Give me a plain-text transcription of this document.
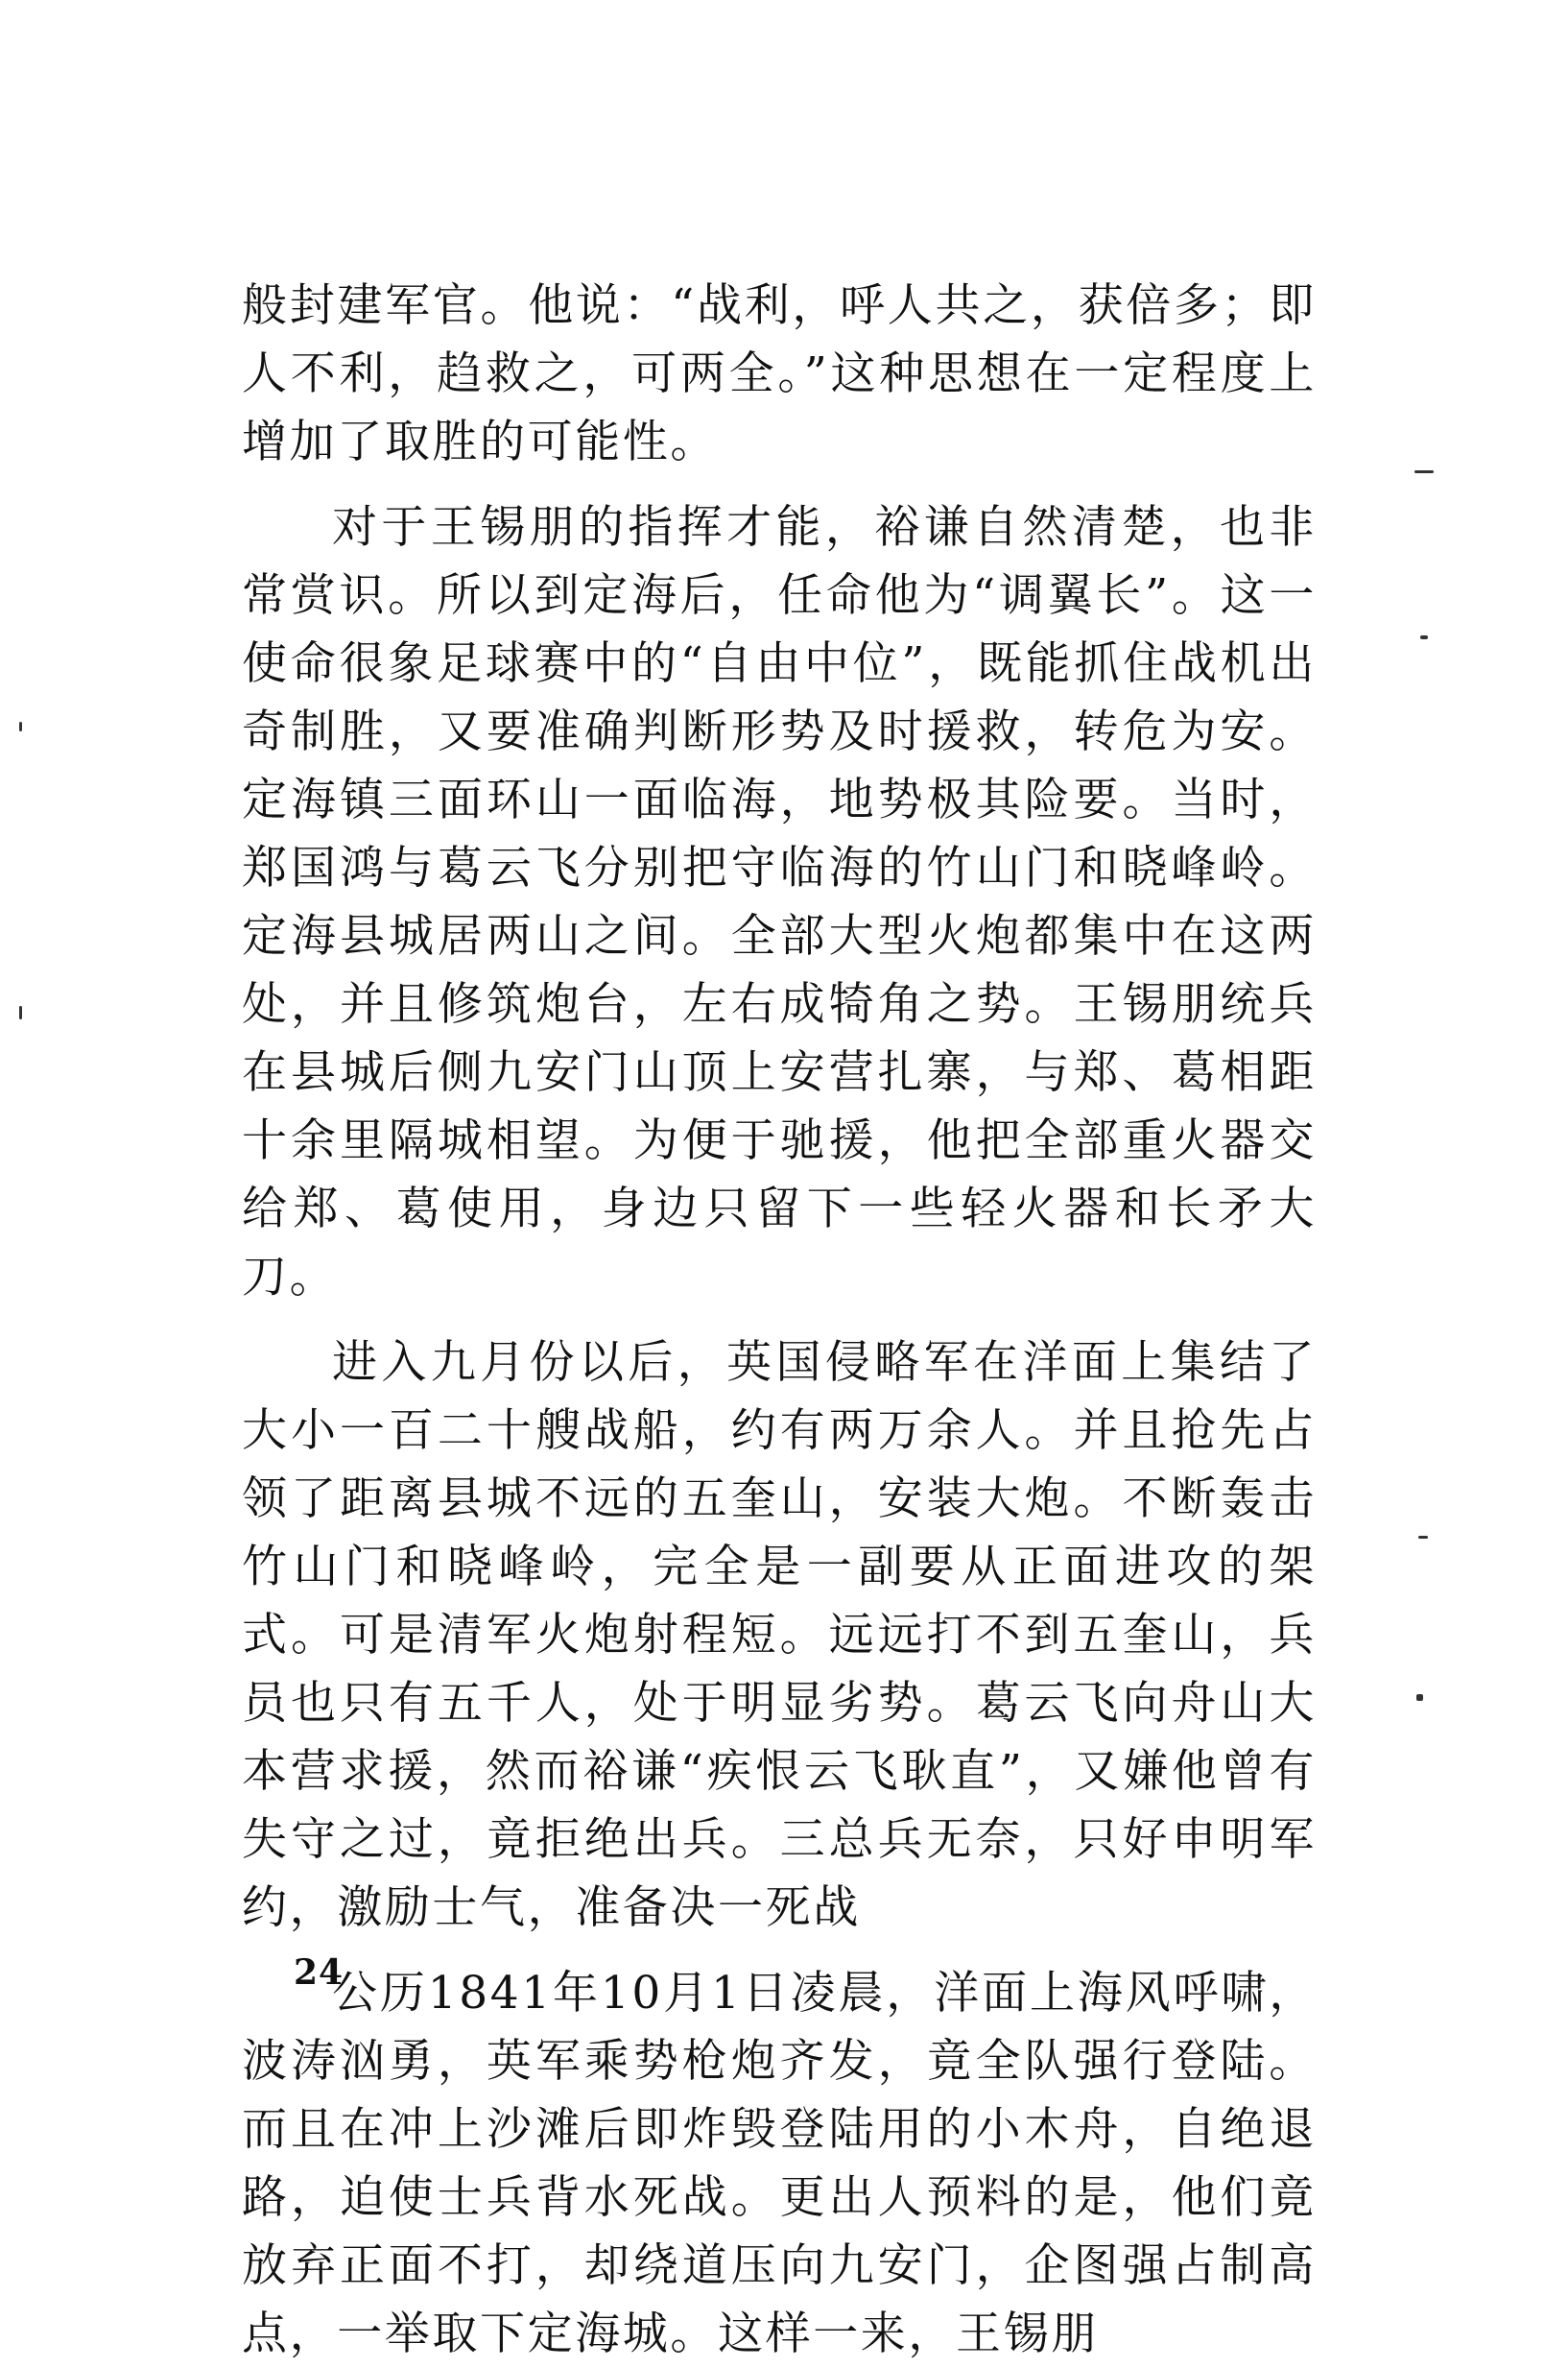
般封建军官。他说：“战利，呼人共之，获倍多；即人不利，趋救之，可两全。”这种思想在一定程度上增加了取胜的可能性。

对于王锡朋的指挥才能，裕谦自然清楚，也非常赏识。所以到定海后，任命他为“调翼长”。这一使命很象足球赛中的“自由中位”，既能抓住战机出奇制胜，又要准确判断形势及时援救，转危为安。定海镇三面环山一面临海，地势极其险要。当时，郑国鸿与葛云飞分别把守临海的竹山门和晓峰岭。定海县城居两山之间。全部大型火炮都集中在这两处，并且修筑炮台，左右成犄角之势。王锡朋统兵在县城后侧九安门山顶上安营扎寨，与郑、葛相距十余里隔城相望。为便于驰援，他把全部重火器交给郑、葛使用，身边只留下一些轻火器和长矛大刀。

进入九月份以后，英国侵略军在洋面上集结了大小一百二十艘战船，约有两万余人。并且抢先占领了距离县城不远的五奎山，安装大炮。不断轰击竹山门和晓峰岭，完全是一副要从正面进攻的架式。可是清军火炮射程短。远远打不到五奎山，兵员也只有五千人，处于明显劣势。葛云飞向舟山大本营求援，然而裕谦“疾恨云飞耿直”，又嫌他曾有失守之过，竟拒绝出兵。三总兵无奈，只好申明军约，激励士气，准备决一死战

公历1841年10月1日凌晨，洋面上海风呼啸，波涛汹勇，英军乘势枪炮齐发，竟全队强行登陆。而且在冲上沙滩后即炸毁登陆用的小木舟，自绝退路，迫使士兵背水死战。更出人预料的是，他们竟放弃正面不打，却绕道压向九安门，企图强占制高点，一举取下定海城。这样一来，王锡朋

24
